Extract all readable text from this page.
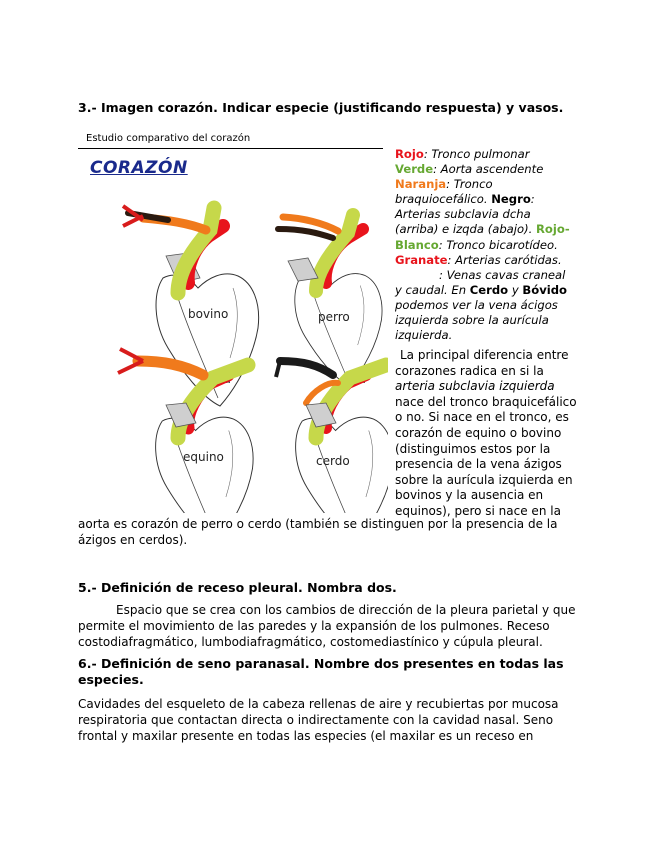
3.- Imagen corazón. Indicar especie (justificando respuesta) y vasos.
Estudio comparativo del corazón
CORAZÓN
bovino
a
perro
a
equino	cerdo
Rojo: Tronco pulmonar
Verde: Aorta ascendente
Naranja: Tronco
braquiocefálico. Negro:
Arterias subclavia dcha
(arriba) e izqda (abajo). Rojo-
Blanco: Tronco bicarotídeo.
Granate: Arterias carótidas.
: Venas cavas craneal
y caudal. En Cerdo y Bóvido
podemos ver la vena ácigos
izquierda sobre la aurícula
izquierda.
La principal diferencia entre
corazones radica en si la
arteria subclavia izquierda
nace del tronco braquicefálico
o no. Si nace en el tronco, es
corazón de equino o bovino
(distinguimos estos por la
presencia de la vena ázigos
sobre la aurícula izquierda en
bovinos y la ausencia en
equinos), pero si nace en la
aorta es corazón de perro o cerdo (también se distinguen por la presencia de la
ázigos en cerdos).
5.- Definición de receso pleural. Nombra dos.
Espacio que se crea con los cambios de dirección de la pleura parietal y que
permite el movimiento de las paredes y la expansión de los pulmones. Receso
costodiafragmático, lumbodiafragmático, costomediastínico y cúpula pleural.
6.- Definición de seno paranasal. Nombre dos presentes en todas las
especies.
Cavidades del esqueleto de la cabeza rellenas de aire y recubiertas por mucosa
respiratoria que contactan directa o indirectamente con la cavidad nasal. Seno
frontal y maxilar presente en todas las especies (el maxilar es un receso en
